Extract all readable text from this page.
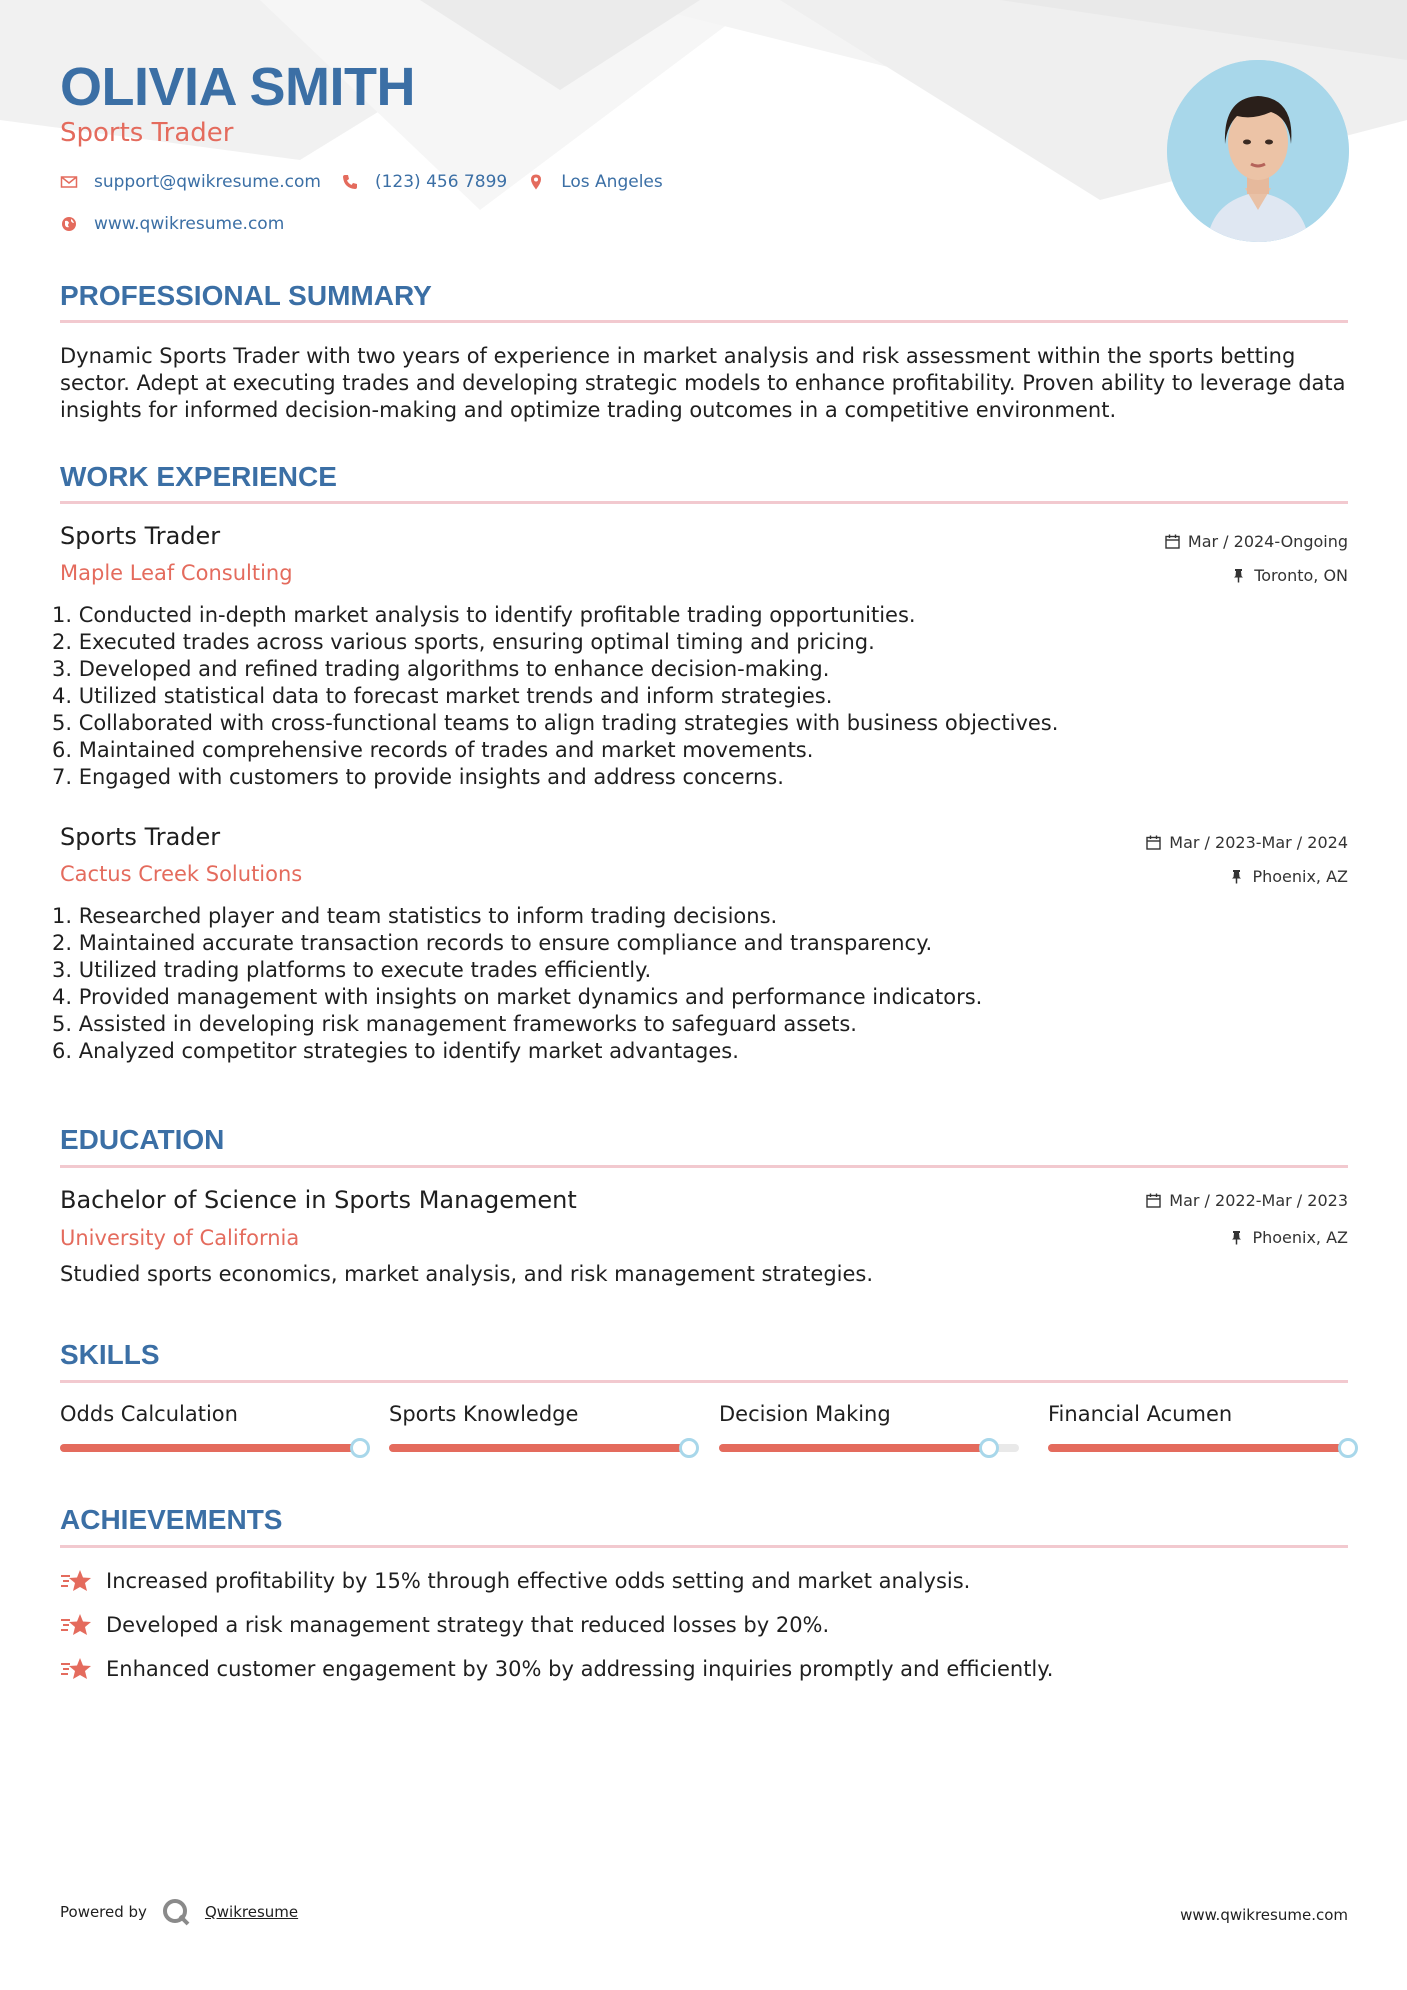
OLIVIA SMITH
Sports Trader
support@qwikresume.com	(123) 456 7899	Los Angeles
www.qwikresume.com
PROFESSIONAL SUMMARY
Dynamic Sports Trader with two years of experience in market analysis and risk assessment within the sports betting sector. Adept at executing trades and developing strategic models to enhance profitability. Proven ability to leverage data insights for informed decision-making and optimize trading outcomes in a competitive environment.
WORK EXPERIENCE
Sports Trader
Maple Leaf Consulting
Mar / 2024-Ongoing
Toronto, ON
1. Conducted in-depth market analysis to identify profitable trading opportunities.
2. Executed trades across various sports, ensuring optimal timing and pricing.
3. Developed and refined trading algorithms to enhance decision-making.
4. Utilized statistical data to forecast market trends and inform strategies.
5. Collaborated with cross-functional teams to align trading strategies with business objectives.
6. Maintained comprehensive records of trades and market movements.
7. Engaged with customers to provide insights and address concerns.
Sports Trader
Cactus Creek Solutions
Mar / 2023-Mar / 2024
Phoenix, AZ
1. Researched player and team statistics to inform trading decisions.
2. Maintained accurate transaction records to ensure compliance and transparency.
3. Utilized trading platforms to execute trades efficiently.
4. Provided management with insights on market dynamics and performance indicators.
5. Assisted in developing risk management frameworks to safeguard assets.
6. Analyzed competitor strategies to identify market advantages.
EDUCATION
Bachelor of Science in Sports Management
University of California
Mar / 2022-Mar / 2023
Phoenix, AZ
Studied sports economics, market analysis, and risk management strategies.
SKILLS
Odds Calculation	Sports Knowledge	Decision Making	Financial Acumen
ACHIEVEMENTS
Increased profitability by 15% through effective odds setting and market analysis.
Developed a risk management strategy that reduced losses by 20%.
Enhanced customer engagement by 30% by addressing inquiries promptly and efficiently.
Powered by	Qwikresume	www.qwikresume.com
